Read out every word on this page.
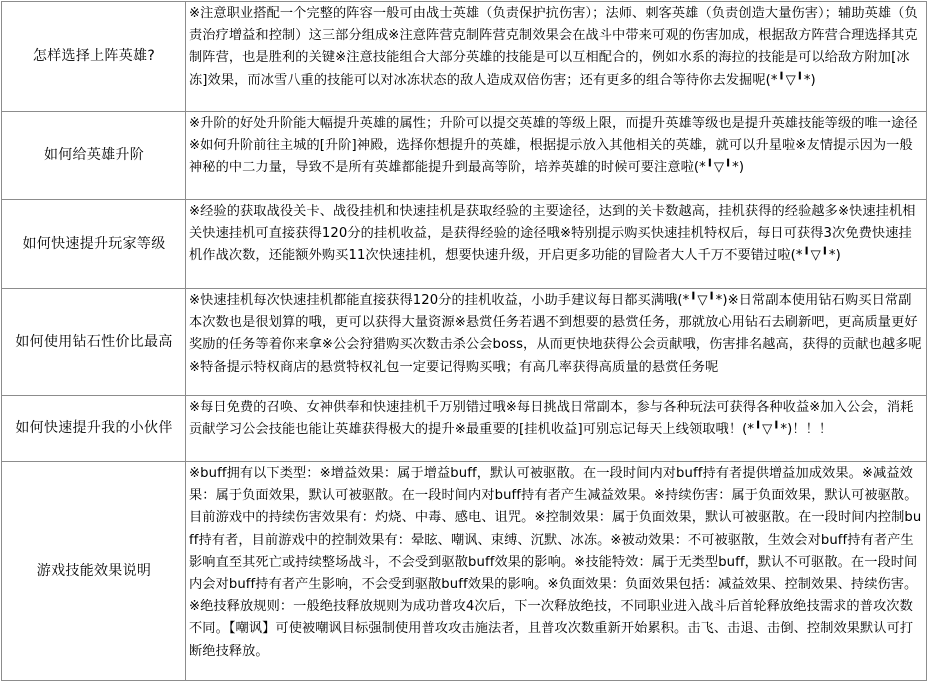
怎样选择上阵英雄?	※注意职业搭配一个完整的阵容一般可由战士英雄（负责保护抗伤害）；法师、刺客英雄（负责创造大量伤害）；辅助英雄（负责治疗增益和控制）这三部分组成※注意阵营克制阵营克制效果会在战斗中带来可观的伤害加成，根据敌方阵营合理选择其克制阵营，也是胜利的关键※注意技能组合大部分英雄的技能是可以互相配合的，例如水系的海拉的技能是可以给敌方附加[冰冻]效果，而冰雪八重的技能可以对冰冻状态的敌人造成双倍伤害；还有更多的组合等待你去发掘呢(*╹▽╹*)
如何给英雄升阶	※升阶的好处升阶能大幅提升英雄的属性；升阶可以提交英雄的等级上限，而提升英雄等级也是提升英雄技能等级的唯一途径※如何升阶前往主城的[升阶]神殿，选择你想提升的英雄，根据提示放入其他相关的英雄，就可以升星啦※友情提示因为一般神秘的中二力量，导致不是所有英雄都能提升到最高等阶，培养英雄的时候可要注意啦(*╹▽╹*)
如何快速提升玩家等级	※经验的获取战役关卡、战役挂机和快速挂机是获取经验的主要途径，达到的关卡数越高，挂机获得的经验越多※快速挂机相关快速挂机可直接获得120分的挂机收益，是获得经验的途径哦※特别提示购买快速挂机特权后，每日可获得3次免费快速挂机作战次数，还能额外购买11次快速挂机，想要快速升级，开启更多功能的冒险者大人千万不要错过啦(*╹▽╹*)
如何使用钻石性价比最高	※快速挂机每次快速挂机都能直接获得120分的挂机收益，小助手建议每日都买满哦(*╹▽╹*)※日常副本使用钻石购买日常副本次数也是很划算的哦，更可以获得大量资源※悬赏任务若遇不到想要的悬赏任务，那就放心用钻石去刷新吧，更高质量更好奖励的任务等着你来拿※公会狩猎购买次数击杀公会boss，从而更快地获得公会贡献哦，伤害排名越高，获得的贡献也越多呢※特备提示特权商店的悬赏特权礼包一定要记得购买哦；有高几率获得高质量的悬赏任务呢
如何快速提升我的小伙伴	※每日免费的召唤、女神供奉和快速挂机千万别错过哦※每日挑战日常副本，参与各种玩法可获得各种收益※加入公会，消耗贡献学习公会技能也能让英雄获得极大的提升※最重要的[挂机收益]可别忘记每天上线领取哦！(*╹▽╹*)！！！
游戏技能效果说明	※buff拥有以下类型：※增益效果：属于增益buff，默认可被驱散。在一段时间内对buff持有者提供增益加成效果。※减益效果：属于负面效果，默认可被驱散。在一段时间内对buff持有者产生减益效果。※持续伤害：属于负面效果，默认可被驱散。目前游戏中的持续伤害效果有：灼烧、中毒、感电、诅咒。※控制效果：属于负面效果，默认可被驱散。在一段时间内控制buff持有者，目前游戏中的控制效果有：晕眩、嘲讽、束缚、沉默、冰冻。※被动效果：不可被驱散，生效会对buff持有者产生影响直至其死亡或持续整场战斗，不会受到驱散buff效果的影响。※技能特效：属于无类型buff，默认不可驱散。在一段时间内会对buff持有者产生影响，不会受到驱散buff效果的影响。※负面效果：负面效果包括：减益效果、控制效果、持续伤害。※绝技释放规则：一般绝技释放规则为成功普攻4次后，下一次释放绝技，不同职业进入战斗后首轮释放绝技需求的普攻次数不同。【嘲讽】可使被嘲讽目标强制使用普攻攻击施法者，且普攻次数重新开始累积。击飞、击退、击倒、控制效果默认可打断绝技释放。
